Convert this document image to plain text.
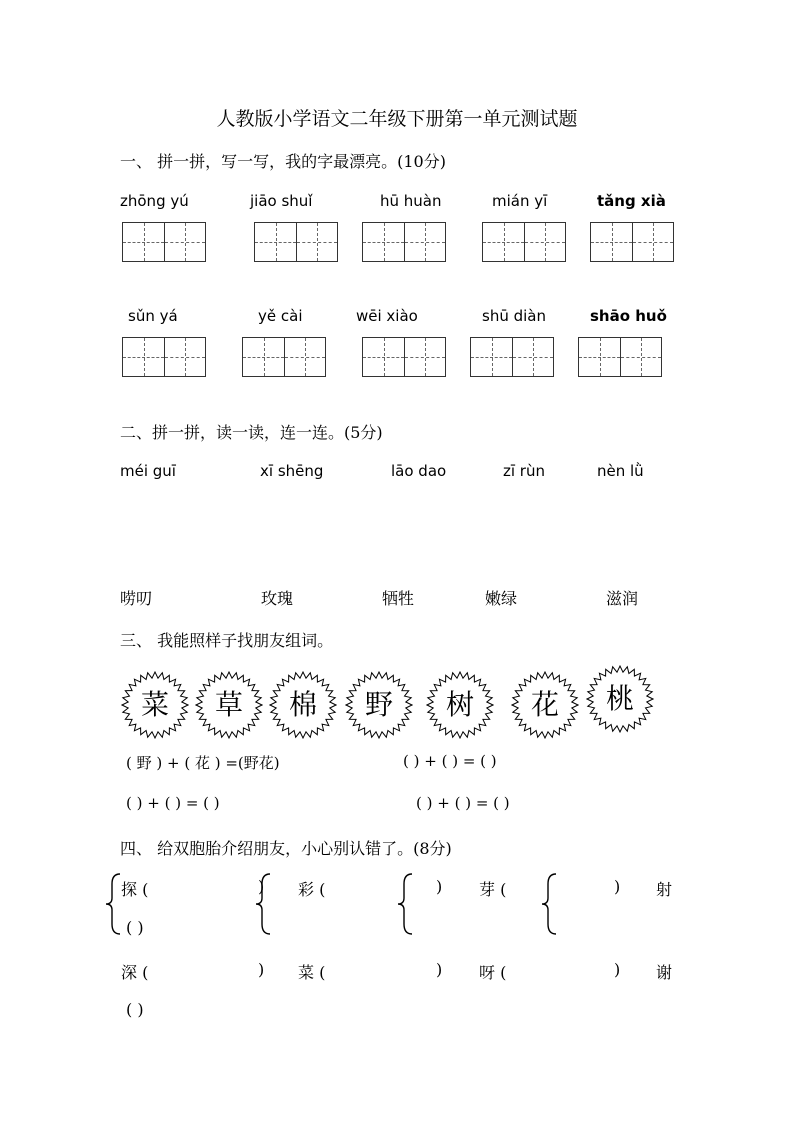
人教版小学语文二年级下册第一单元测试题
一、 拼一拼，写一写，我的字最漂亮。(10分)
zhōng yú	jiāo shuǐ	hū huàn	mián yī	tǎng xià
sǔn yá	yě cài	wēi xiào	shū diàn	shāo huǒ
二、拼一拼，读一读，连一连。(5分)
méi guī	xī shēng	lāo dao	zī rùn	nèn lǜ
唠叨	玫瑰	牺牲	嫩绿	滋润
三、 我能照样子找朋友组词。
菜	草	棉	野	树	花	桃
( 野 ) + ( 花 ) =(野花)	( ) + ( ) = ( )
( ) + ( ) = ( )	( ) + ( ) = ( )
四、 给双胞胎介绍朋友，小心别认错了。(8分)
探 (	) 彩 (	) 芽 (	) 射
( )
深 (	) 菜 (	) 呀 (	) 谢
( )
